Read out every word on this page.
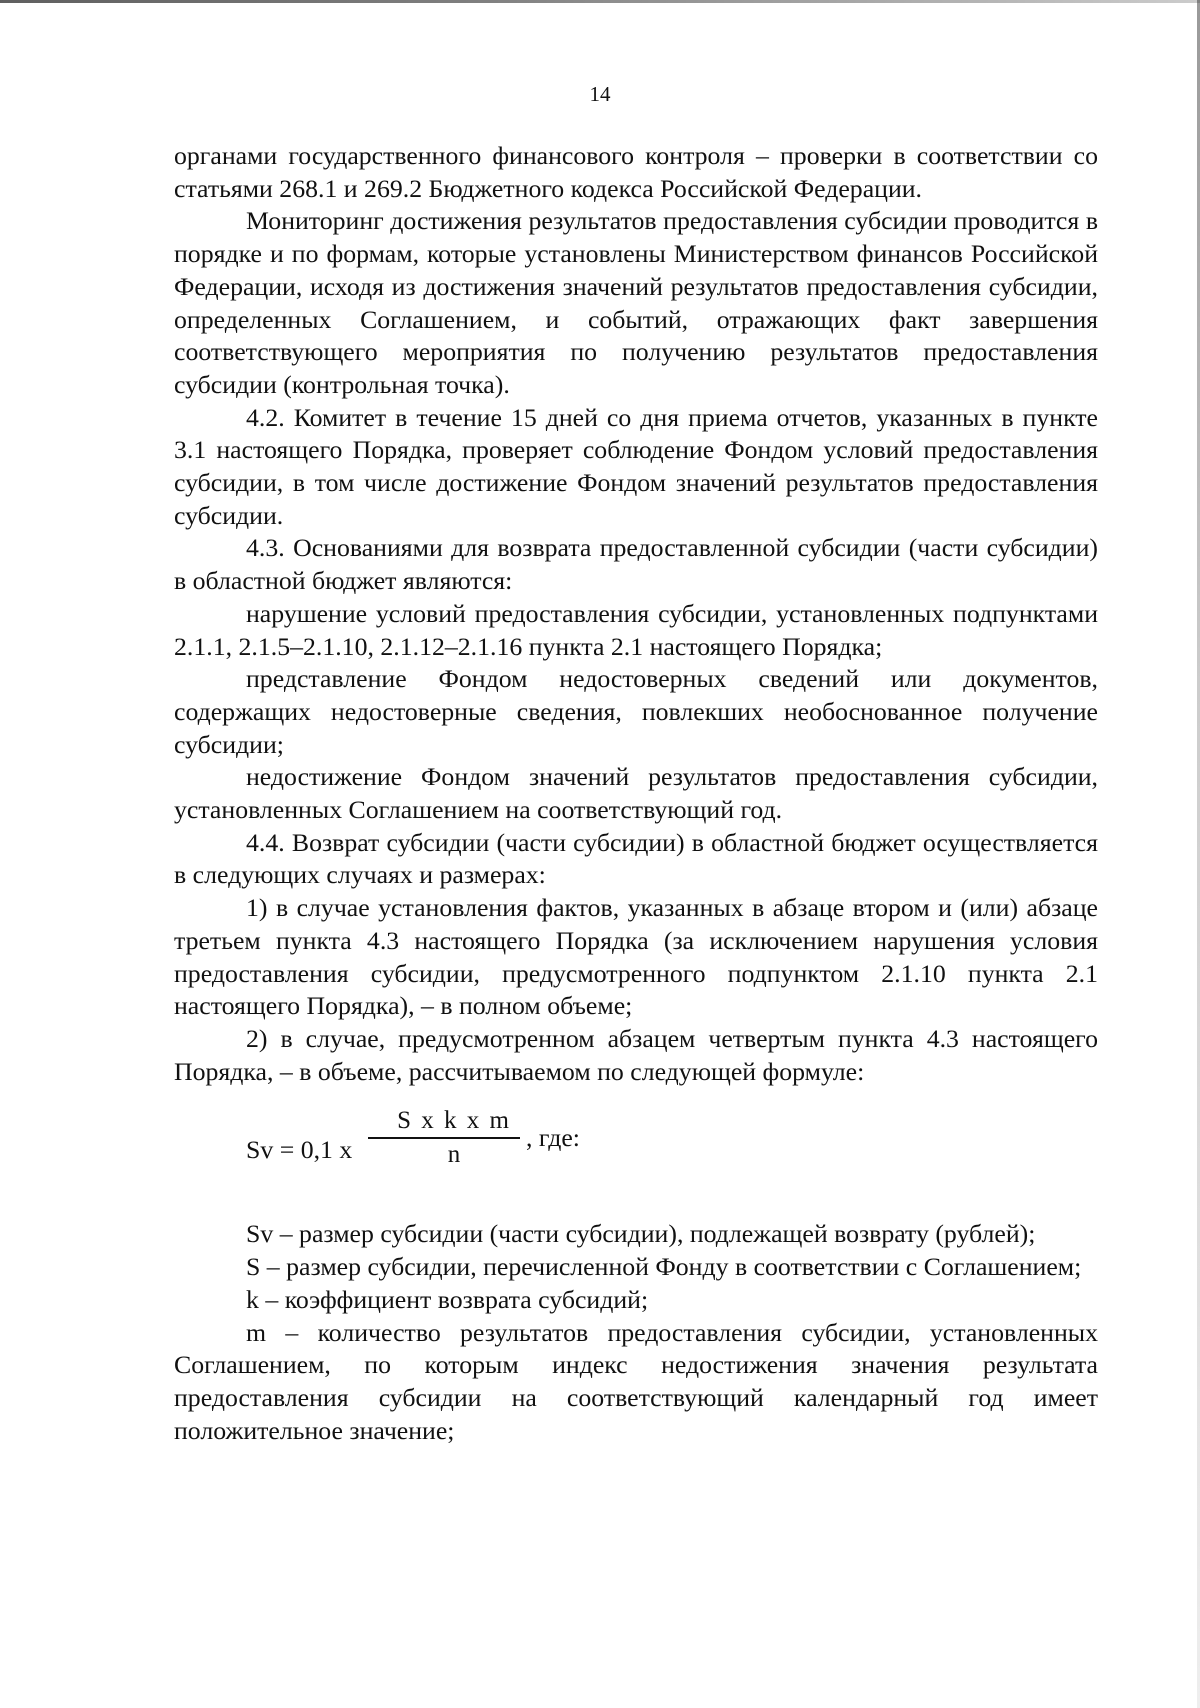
14

органами государственного финансового контроля – проверки в соответствии со статьями 268.1 и 269.2 Бюджетного кодекса Российской Федерации.

Мониторинг достижения результатов предоставления субсидии проводится в порядке и по формам, которые установлены Министерством финансов Российской Федерации, исходя из достижения значений результатов предоставления субсидии, определенных Соглашением, и событий, отражающих факт завершения соответствующего мероприятия по получению результатов предоставления субсидии (контрольная точка).

4.2. Комитет в течение 15 дней со дня приема отчетов, указанных в пункте 3.1 настоящего Порядка, проверяет соблюдение Фондом условий предоставления субсидии, в том числе достижение Фондом значений результатов предоставления субсидии.

4.3. Основаниями для возврата предоставленной субсидии (части субсидии) в областной бюджет являются:

нарушение условий предоставления субсидии, установленных подпунктами 2.1.1, 2.1.5–2.1.10, 2.1.12–2.1.16 пункта 2.1 настоящего Порядка;

представление Фондом недостоверных сведений или документов, содержащих недостоверные сведения, повлекших необоснованное получение субсидии;

недостижение Фондом значений результатов предоставления субсидии, установленных Соглашением на соответствующий год.

4.4. Возврат субсидии (части субсидии) в областной бюджет осуществляется в следующих случаях и размерах:

1) в случае установления фактов, указанных в абзаце втором и (или) абзаце третьем пункта 4.3 настоящего Порядка (за исключением нарушения условия предоставления субсидии, предусмотренного подпунктом 2.1.10 пункта 2.1 настоящего Порядка), – в полном объеме;

2) в случае, предусмотренном абзацем четвертым пункта 4.3 настоящего Порядка, – в объеме, рассчитываемом по следующей формуле:

Sv = 0,1 x
S x k x m
n
, где:

Sv – размер субсидии (части субсидии), подлежащей возврату (рублей);

S – размер субсидии, перечисленной Фонду в соответствии с Соглашением;

k – коэффициент возврата субсидий;

m – количество результатов предоставления субсидии, установленных Соглашением, по которым индекс недостижения значения результата предоставления субсидии на соответствующий календарный год имеет положительное значение;
